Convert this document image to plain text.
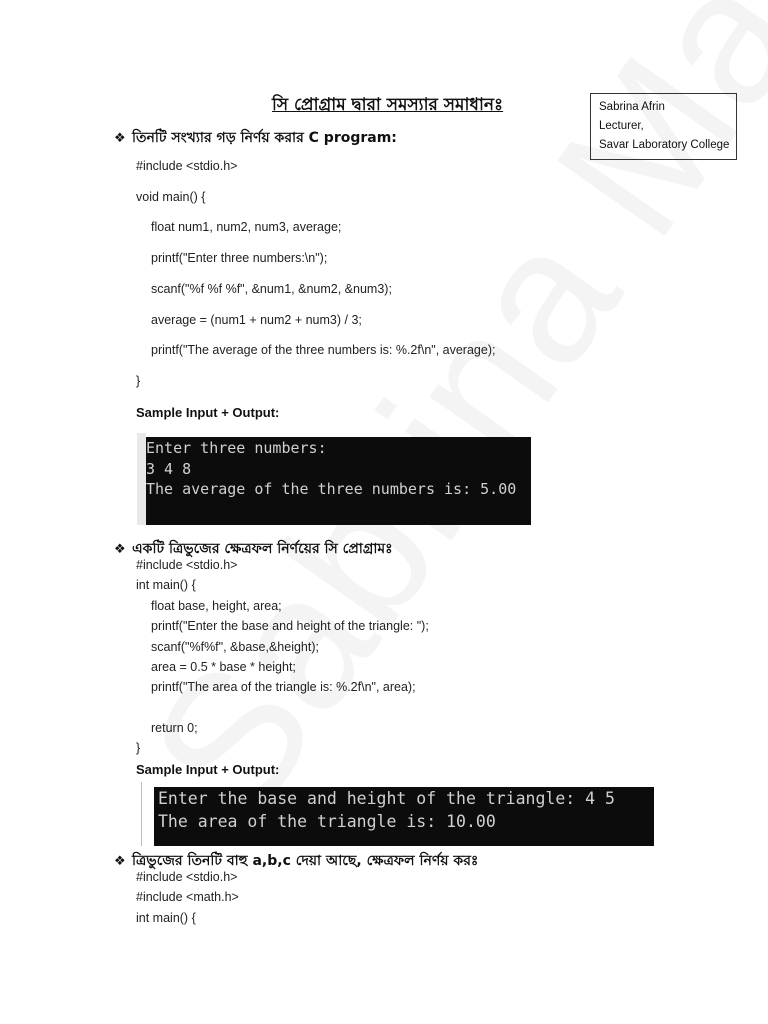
সি প্রোগ্রাম দ্বারা সমস্যার সমাধানঃ	Sabrina Afrin
Lecturer,
Savar Laboratory College
❖ তিনটি সংখ্যার গড় নির্ণয় করার C program:
#include <stdio.h>
void main() {
float num1, num2, num3, average;
printf("Enter three numbers:\n");
scanf("%f %f %f", &num1, &num2, &num3);
average = (num1 + num2 + num3) / 3;
printf("The average of the three numbers is: %.2f\n", average);
}
Sample Input + Output:
Enter three numbers:
3 4 8
The average of the three numbers is: 5.00
❖ একটি ত্রিভুজের ক্ষেত্রফল নির্ণয়ের সি প্রোগ্রামঃ
#include <stdio.h>
int main() {
float base, height, area;
printf("Enter the base and height of the triangle: ");
scanf("%f%f", &base,&height);
area = 0.5 * base * height;
printf("The area of the triangle is: %.2f\n", area);
return 0;
}
Sample Input + Output:
Enter the base and height of the triangle: 4 5
The area of the triangle is: 10.00
❖ ত্রিভুজের তিনটি বাহু a,b,c দেয়া আছে, ক্ষেত্রফল নির্ণয় করঃ
#include <stdio.h>
#include <math.h>
int main() {
